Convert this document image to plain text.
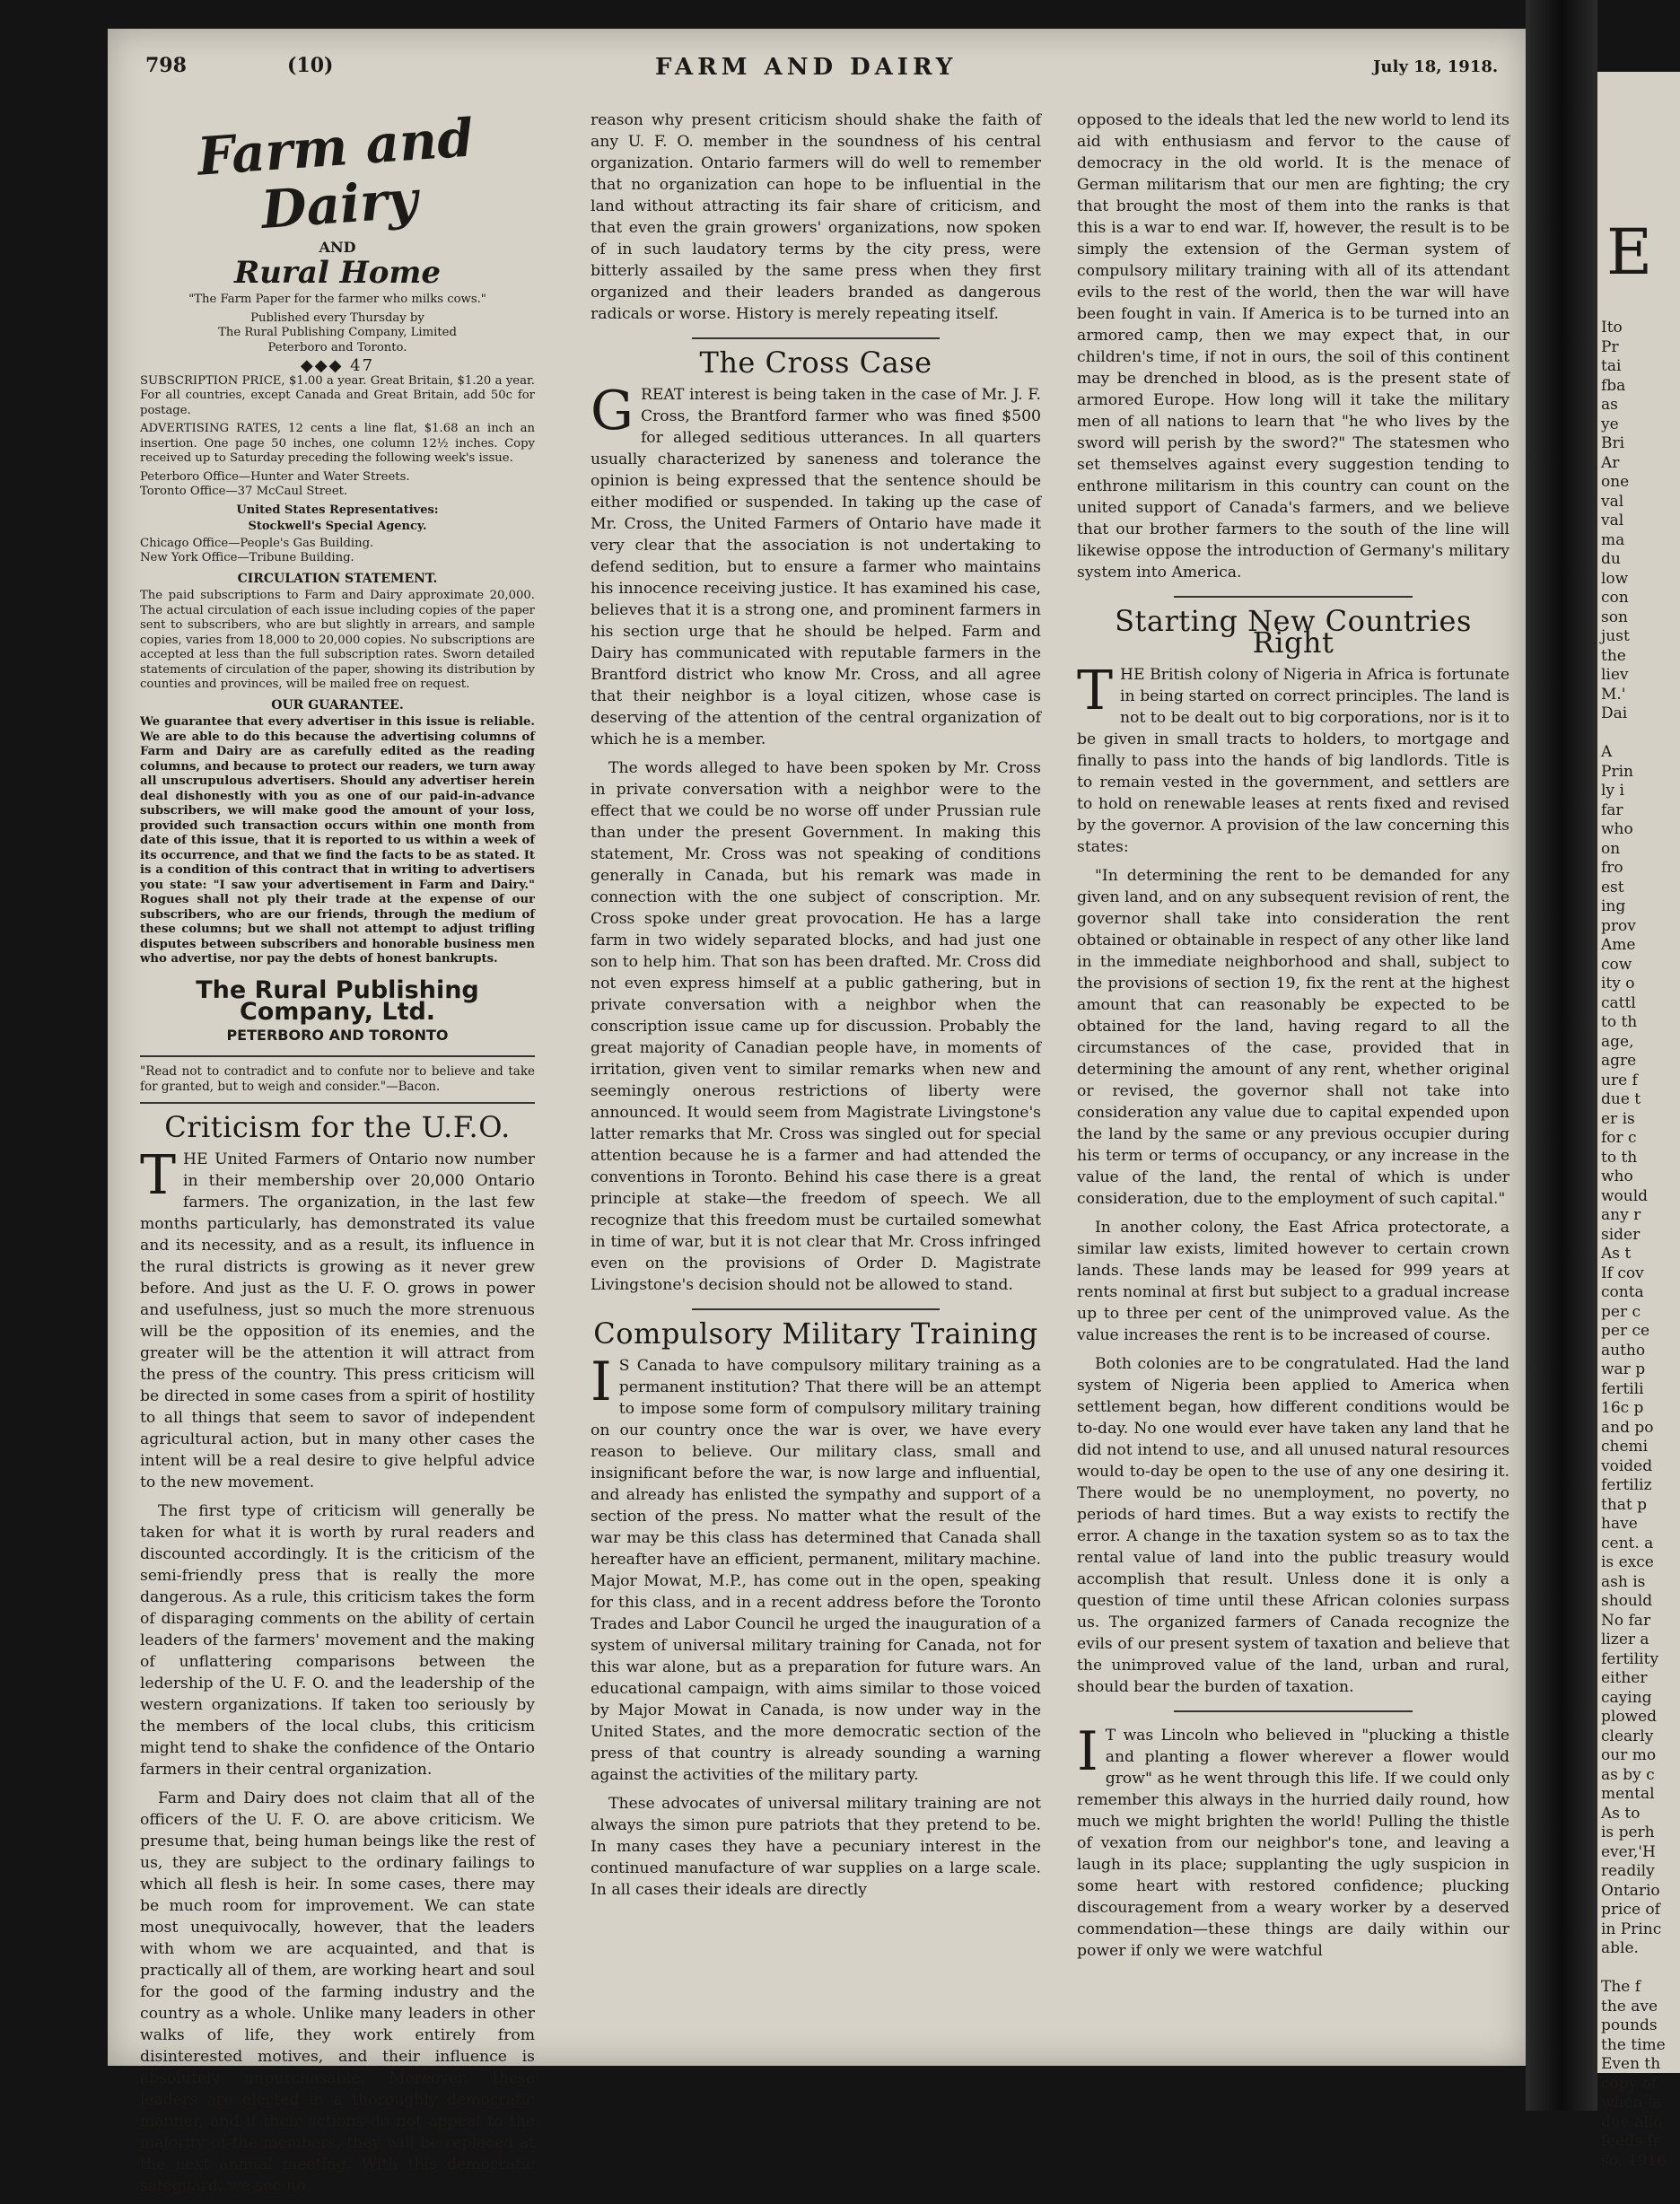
798	(10)	FARM AND DAIRY	July 18, 1918.
Farm and Dairy
AND
Rural Home

"The Farm Paper for the farmer who milks cows."

Published every Thursday by

The Rural Publishing Company, Limited

Peterboro and Toronto.

◆◆◆ 47

SUBSCRIPTION PRICE, $1.00 a year. Great Britain, $1.20 a year. For all countries, except Canada and Great Britain, add 50c for postage.

ADVERTISING RATES, 12 cents a line flat, $1.68 an inch an insertion. One page 50 inches, one column 12½ inches. Copy received up to Saturday preceding the following week's issue.

Peterboro Office—Hunter and Water Streets.

Toronto Office—37 McCaul Street.

United States Representatives:
Stockwell's Special Agency.

Chicago Office—People's Gas Building.

New York Office—Tribune Building.

CIRCULATION STATEMENT.

The paid subscriptions to Farm and Dairy approximate 20,000. The actual circulation of each issue including copies of the paper sent to subscribers, who are but slightly in arrears, and sample copies, varies from 18,000 to 20,000 copies. No subscriptions are accepted at less than the full subscription rates. Sworn detailed statements of circulation of the paper, showing its distribution by counties and provinces, will be mailed free on request.

OUR GUARANTEE.

We guarantee that every advertiser in this issue is reliable. We are able to do this because the advertising columns of Farm and Dairy are as carefully edited as the reading columns, and because to protect our readers, we turn away all unscrupulous advertisers. Should any advertiser herein deal dishonestly with you as one of our paid-in-advance subscribers, we will make good the amount of your loss, provided such transaction occurs within one month from date of this issue, that it is reported to us within a week of its occurrence, and that we find the facts to be as stated. It is a condition of this contract that in writing to advertisers you state: "I saw your advertisement in Farm and Dairy." Rogues shall not ply their trade at the expense of our subscribers, who are our friends, through the medium of these columns; but we shall not attempt to adjust trifling disputes between subscribers and honorable business men who advertise, nor pay the debts of honest bankrupts.

The Rural Publishing Company, Ltd.
PETERBORO AND TORONTO
"Read not to contradict and to confute nor to believe and take for granted, but to weigh and consider."—Bacon.
Criticism for the U.F.O.

THE United Farmers of Ontario now number in their membership over 20,000 Ontario farmers. The organization, in the last few months particularly, has demonstrated its value and its necessity, and as a result, its influence in the rural districts is growing as it never grew before. And just as the U. F. O. grows in power and usefulness, just so much the more strenuous will be the opposition of its enemies, and the greater will be the attention it will attract from the press of the country. This press criticism will be directed in some cases from a spirit of hostility to all things that seem to savor of independent agricultural action, but in many other cases the intent will be a real desire to give helpful advice to the new movement.

The first type of criticism will generally be taken for what it is worth by rural readers and discounted accordingly. It is the criticism of the semi-friendly press that is really the more dangerous. As a rule, this criticism takes the form of disparaging comments on the ability of certain leaders of the farmers' movement and the making of unflattering comparisons between the ledership of the U. F. O. and the leadership of the western organizations. If taken too seriously by the members of the local clubs, this criticism might tend to shake the confidence of the Ontario farmers in their central organization.

Farm and Dairy does not claim that all of the officers of the U. F. O. are above criticism. We presume that, being human beings like the rest of us, they are subject to the ordinary failings to which all flesh is heir. In some cases, there may be much room for improvement. We can state most unequivocally, however, that the leaders with whom we are acquainted, and that is practically all of them, are working heart and soul for the good of the farming industry and the country as a whole. Unlike many leaders in other walks of life, they work entirely from disinterested motives, and their influence is absolutely unpurchasable. Moreover, these leaders are elected in a thoroughly democratic manner, and if their actions do not appeal to the majority of the members, they will be replaced at the next annual meeting. With this democratic safeguard, we see no

reason why present criticism should shake the faith of any U. F. O. member in the soundness of his central organization. Ontario farmers will do well to remember that no organization can hope to be influential in the land without attracting its fair share of criticism, and that even the grain growers' organizations, now spoken of in such laudatory terms by the city press, were bitterly assailed by the same press when they first organized and their leaders branded as dangerous radicals or worse. History is merely repeating itself.

The Cross Case

GREAT interest is being taken in the case of Mr. J. F. Cross, the Brantford farmer who was fined $500 for alleged seditious utterances. In all quarters usually characterized by saneness and tolerance the opinion is being expressed that the sentence should be either modified or suspended. In taking up the case of Mr. Cross, the United Farmers of Ontario have made it very clear that the association is not undertaking to defend sedition, but to ensure a farmer who maintains his innocence receiving justice. It has examined his case, believes that it is a strong one, and prominent farmers in his section urge that he should be helped. Farm and Dairy has communicated with reputable farmers in the Brantford district who know Mr. Cross, and all agree that their neighbor is a loyal citizen, whose case is deserving of the attention of the central organization of which he is a member.

The words alleged to have been spoken by Mr. Cross in private conversation with a neighbor were to the effect that we could be no worse off under Prussian rule than under the present Government. In making this statement, Mr. Cross was not speaking of conditions generally in Canada, but his remark was made in connection with the one subject of conscription. Mr. Cross spoke under great provocation. He has a large farm in two widely separated blocks, and had just one son to help him. That son has been drafted. Mr. Cross did not even express himself at a public gathering, but in private conversation with a neighbor when the conscription issue came up for discussion. Probably the great majority of Canadian people have, in moments of irritation, given vent to similar remarks when new and seemingly onerous restrictions of liberty were announced. It would seem from Magistrate Livingstone's latter remarks that Mr. Cross was singled out for special attention because he is a farmer and had attended the conventions in Toronto. Behind his case there is a great principle at stake—the freedom of speech. We all recognize that this freedom must be curtailed somewhat in time of war, but it is not clear that Mr. Cross infringed even on the provisions of Order D. Magistrate Livingstone's decision should not be allowed to stand.

Compulsory Military Training

I S Canada to have compulsory military training as a permanent institution? That there will be an attempt to impose some form of compulsory military training on our country once the war is over, we have every reason to believe. Our military class, small and insignificant before the war, is now large and influential, and already has enlisted the sympathy and support of a section of the press. No matter what the result of the war may be this class has determined that Canada shall hereafter have an efficient, permanent, military machine. Major Mowat, M.P., has come out in the open, speaking for this class, and in a recent address before the Toronto Trades and Labor Council he urged the inauguration of a system of universal military training for Canada, not for this war alone, but as a preparation for future wars. An educational campaign, with aims similar to those voiced by Major Mowat in Canada, is now under way in the United States, and the more democratic section of the press of that country is already sounding a warning against the activities of the military party.

These advocates of universal military training are not always the simon pure patriots that they pretend to be. In many cases they have a pecuniary interest in the continued manufacture of war supplies on a large scale. In all cases their ideals are directly

opposed to the ideals that led the new world to lend its aid with enthusiasm and fervor to the cause of democracy in the old world. It is the menace of German militarism that our men are fighting; the cry that brought the most of them into the ranks is that this is a war to end war. If, however, the result is to be simply the extension of the German system of compulsory military training with all of its attendant evils to the rest of the world, then the war will have been fought in vain. If America is to be turned into an armored camp, then we may expect that, in our children's time, if not in ours, the soil of this continent may be drenched in blood, as is the present state of armored Europe. How long will it take the military men of all nations to learn that "he who lives by the sword will perish by the sword?" The statesmen who set themselves against every suggestion tending to enthrone militarism in this country can count on the united support of Canada's farmers, and we believe that our brother farmers to the south of the line will likewise oppose the introduction of Germany's military system into America.

Starting New Countries Right

THE British colony of Nigeria in Africa is fortunate in being started on correct principles. The land is not to be dealt out to big corporations, nor is it to be given in small tracts to holders, to mortgage and finally to pass into the hands of big landlords. Title is to remain vested in the government, and settlers are to hold on renewable leases at rents fixed and revised by the governor. A provision of the law concerning this states:

"In determining the rent to be demanded for any given land, and on any subsequent revision of rent, the governor shall take into consideration the rent obtained or obtainable in respect of any other like land in the immediate neighborhood and shall, subject to the provisions of section 19, fix the rent at the highest amount that can reasonably be expected to be obtained for the land, having regard to all the circumstances of the case, provided that in determining the amount of any rent, whether original or revised, the governor shall not take into consideration any value due to capital expended upon the land by the same or any previous occupier during his term or terms of occupancy, or any increase in the value of the land, the rental of which is under consideration, due to the employment of such capital."

In another colony, the East Africa protectorate, a similar law exists, limited however to certain crown lands. These lands may be leased for 999 years at rents nominal at first but subject to a gradual increase up to three per cent of the unimproved value. As the value increases the rent is to be increased of course.

Both colonies are to be congratulated. Had the land system of Nigeria been applied to America when settlement began, how different conditions would be to-day. No one would ever have taken any land that he did not intend to use, and all unused natural resources would to-day be open to the use of any one desiring it. There would be no unemployment, no poverty, no periods of hard times. But a way exists to rectify the error. A change in the taxation system so as to tax the rental value of land into the public treasury would accomplish that result. Unless done it is only a question of time until these African colonies surpass us. The organized farmers of Canada recognize the evils of our present system of taxation and believe that the unimproved value of the land, urban and rural, should bear the burden of taxation.

I T was Lincoln who believed in "plucking a thistle and planting a flower wherever a flower would grow" as he went through this life. If we could only remember this always in the hurried daily round, how much we might brighten the world! Pulling the thistle of vexation from our neighbor's tone, and leaving a laugh in its place; supplanting the ugly suspicion in some heart with restored confidence; plucking discouragement from a weary worker by a deserved commendation—these things are daily within our power if only we were watchful

E
Ito
Pr
tai
fba
as
ye
Bri
Ar
one
val
val
ma
du
low
con
son
just
the
liev
M.'
Dai
A
Prin
ly i
far
who
on
fro
est
ing
prov
Ame
cow
ity o
cattl
to th
age,
agre
ure f
due t
er is
for c
to th
who
would
any r
sider
As t
If cov
conta
per c
per ce
autho
war p
fertili
16c p
and po
chemi
voided
fertiliz
that p
have
cent. a
is exce
ash is
should
No far
lizer a
fertility
either
caying
plowed
clearly
our mo
as by c
mental
As to
is perh
ever,'H
readily
Ontario
price of
in Princ
able.
The f
the ave
pounds
the time
Even th
copy of
when la
due allo
feeds fr
so, 1916
